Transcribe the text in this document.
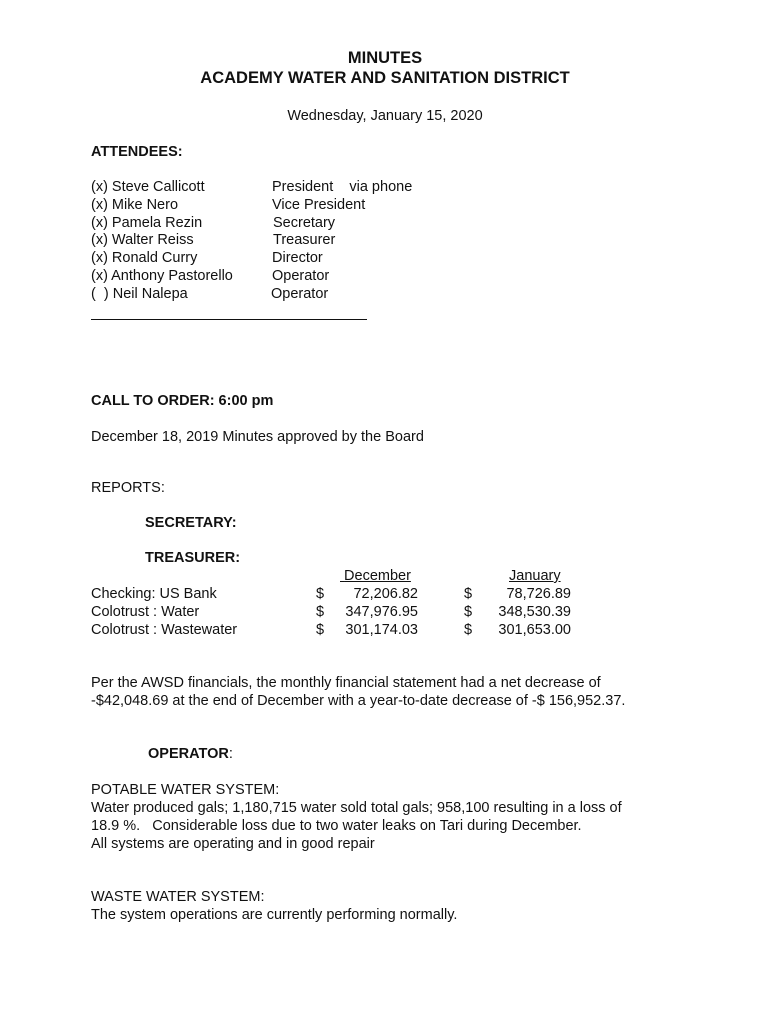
MINUTES
ACADEMY WATER AND SANITATION DISTRICT
Wednesday, January 15, 2020
ATTENDEES:
(x) Steve Callicott	President    via phone
(x) Mike Nero	Vice President
(x) Pamela Rezin	Secretary
(x) Walter Reiss	Treasurer
(x) Ronald Curry	Director
(x) Anthony Pastorello	Operator
(  ) Neil Nalepa	Operator
CALL TO ORDER: 6:00 pm
December 18, 2019 Minutes approved by the Board
REPORTS:
SECRETARY:
TREASURER:
December	January
Checking: US Bank	$	72,206.82	$	78,726.89
Colotrust : Water	$	347,976.95	$	348,530.39
Colotrust : Wastewater	$	301,174.03	$	301,653.00
Per the AWSD financials, the monthly financial statement had a net decrease of
-$42,048.69 at the end of December with a year-to-date decrease of -$ 156,952.37.
OPERATOR:
POTABLE WATER SYSTEM:
Water produced gals; 1,180,715 water sold total gals; 958,100 resulting in a loss of
18.9 %.   Considerable loss due to two water leaks on Tari during December.
All systems are operating and in good repair
WASTE WATER SYSTEM:
The system operations are currently performing normally.
